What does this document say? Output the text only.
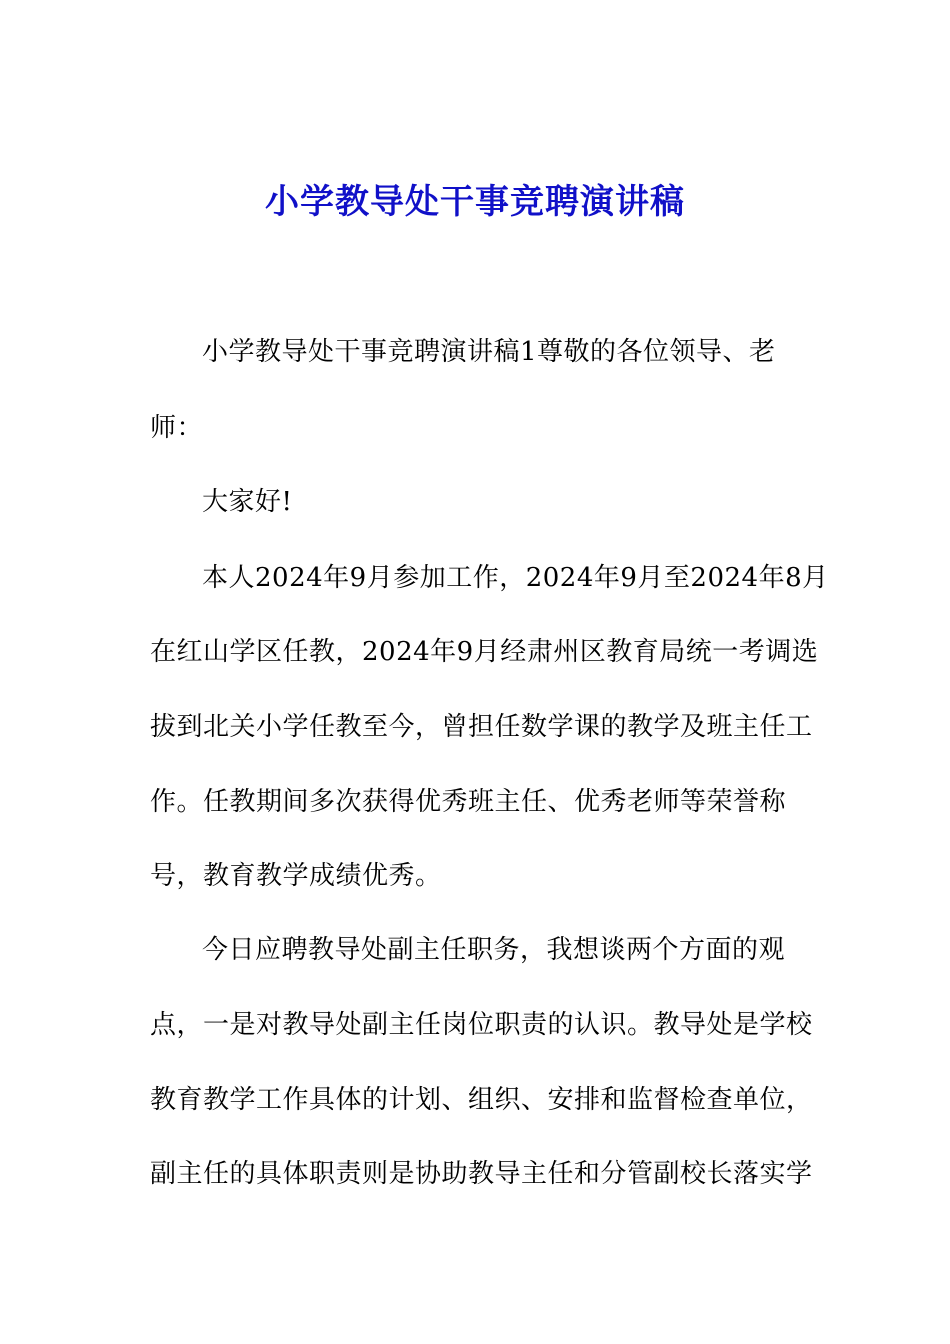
小学教导处干事竞聘演讲稿
小学教导处干事竞聘演讲稿1尊敬的各位领导、老
师：
大家好!
本人2024年9月参加工作，2024年9月至2024年8月
在红山学区任教，2024年9月经肃州区教育局统一考调选
拔到北关小学任教至今，曾担任数学课的教学及班主任工
作。任教期间多次获得优秀班主任、优秀老师等荣誉称
号，教育教学成绩优秀。
今日应聘教导处副主任职务，我想谈两个方面的观
点，一是对教导处副主任岗位职责的认识。教导处是学校
教育教学工作具体的计划、组织、安排和监督检查单位，
副主任的具体职责则是协助教导主任和分管副校长落实学
